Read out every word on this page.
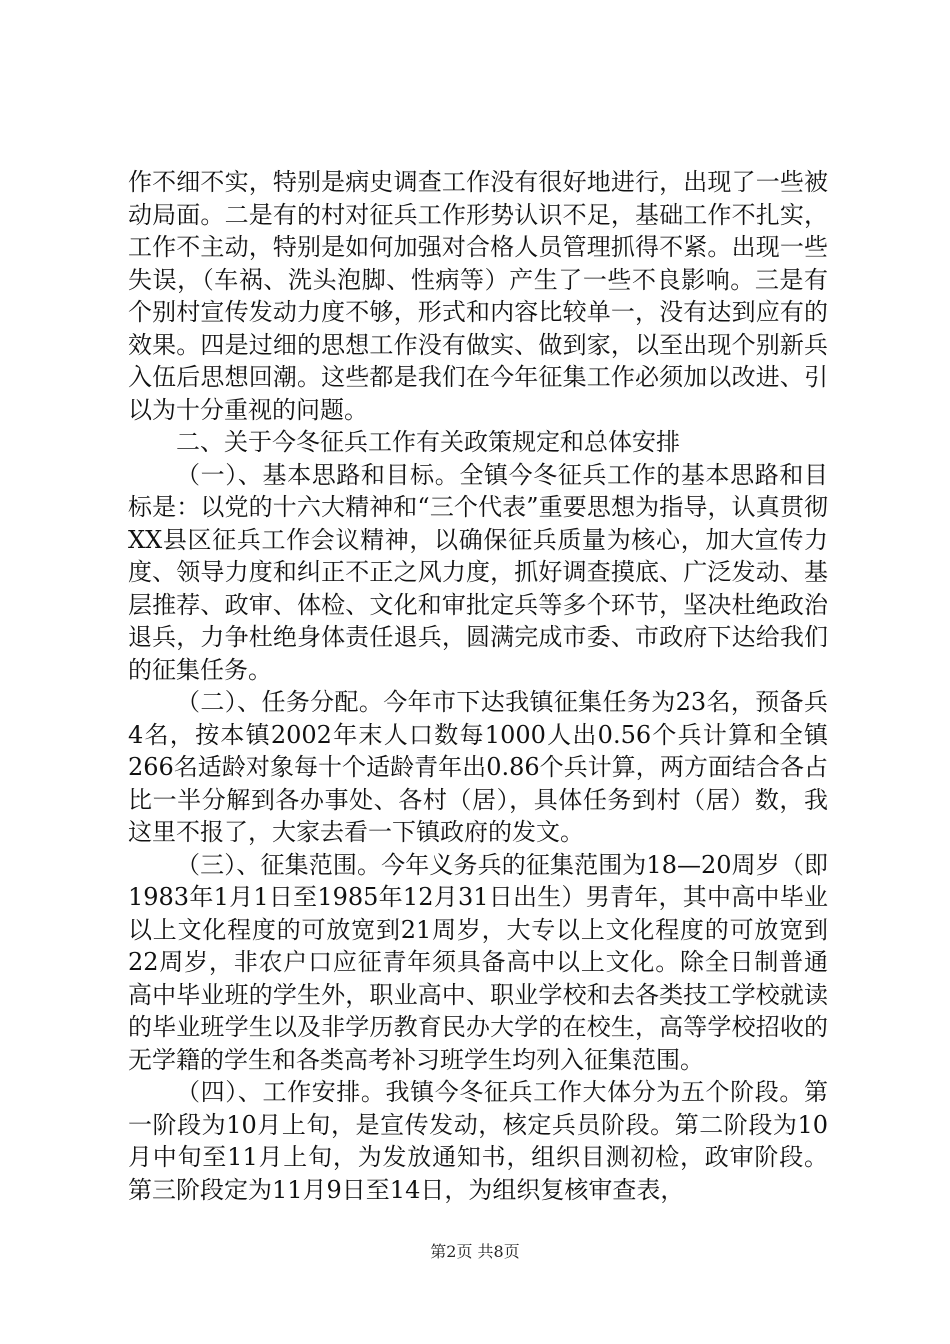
作不细不实，特别是病史调查工作没有很好地进行，出现了一些被动局面。二是有的村对征兵工作形势认识不足，基础工作不扎实，工作不主动，特别是如何加强对合格人员管理抓得不紧。出现一些失误，（车祸、洗头泡脚、性病等）产生了一些不良影响。三是有个别村宣传发动力度不够，形式和内容比较单一，没有达到应有的效果。四是过细的思想工作没有做实、做到家，以至出现个别新兵入伍后思想回潮。这些都是我们在今年征集工作必须加以改进、引以为十分重视的问题。

二、关于今冬征兵工作有关政策规定和总体安排

（一）、基本思路和目标。全镇今冬征兵工作的基本思路和目标是：以党的十六大精神和“三个代表”重要思想为指导，认真贯彻XX县区征兵工作会议精神，以确保征兵质量为核心，加大宣传力度、领导力度和纠正不正之风力度，抓好调查摸底、广泛发动、基层推荐、政审、体检、文化和审批定兵等多个环节，坚决杜绝政治退兵，力争杜绝身体责任退兵，圆满完成市委、市政府下达给我们的征集任务。

（二）、任务分配。今年市下达我镇征集任务为23名，预备兵4名，按本镇2002年末人口数每1000人出0.56个兵计算和全镇266名适龄对象每十个适龄青年出0.86个兵计算，两方面结合各占比一半分解到各办事处、各村（居），具体任务到村（居）数，我这里不报了，大家去看一下镇政府的发文。

（三）、征集范围。今年义务兵的征集范围为18—20周岁（即1983年1月1日至1985年12月31日出生）男青年，其中高中毕业以上文化程度的可放宽到21周岁，大专以上文化程度的可放宽到22周岁，非农户口应征青年须具备高中以上文化。除全日制普通高中毕业班的学生外，职业高中、职业学校和去各类技工学校就读的毕业班学生以及非学历教育民办大学的在校生，高等学校招收的无学籍的学生和各类高考补习班学生均列入征集范围。

（四）、工作安排。我镇今冬征兵工作大体分为五个阶段。第一阶段为10月上旬，是宣传发动，核定兵员阶段。第二阶段为10月中旬至11月上旬，为发放通知书，组织目测初检，政审阶段。第三阶段定为11月9日至14日，为组织复核审查表，

第2页 共8页
